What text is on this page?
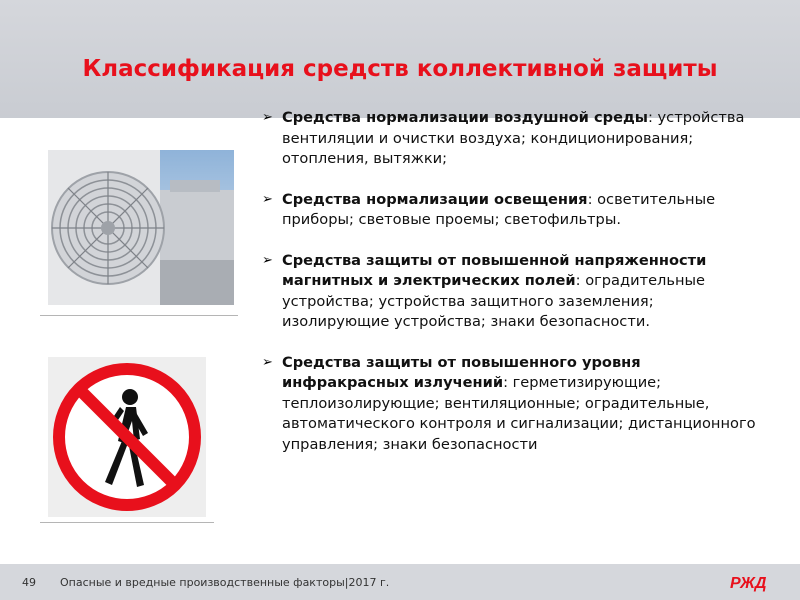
Классификация средств коллективной защиты
➢ Средства нормализации воздушной среды: устройства вентиляции и очистки воздуха; кондиционирования; отопления, вытяжки;
➢ Средства нормализации освещения: осветительные приборы; световые проемы; светофильтры.
➢ Средства защиты от повышенной напряженности магнитных и электрических полей: оградительные устройства; устройства защитного заземления; изолирующие устройства; знаки безопасности.
➢ Средства защиты от повышенного уровня инфракрасных излучений: герметизирующие; теплоизолирующие; вентиляционные; оградительные, автоматического контроля и сигнализации; дистанционного управления; знаки безопасности
49 Опасные и вредные производственные факторы|2017 г.	РЖД
